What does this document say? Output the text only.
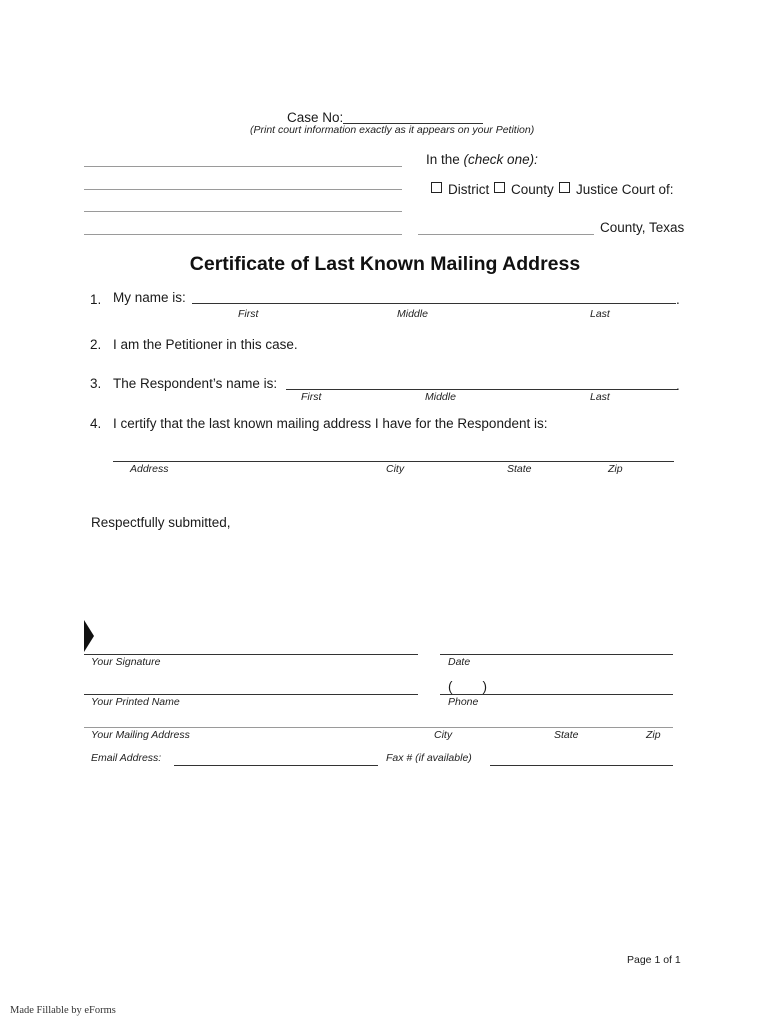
Case No:
(Print court information exactly as it appears on your Petition)
In the (check one):
District County Justice Court of:
County, Texas
Certificate of Last Known Mailing Address
1. My name is:	.
First	Middle	Last
2. I am the Petitioner in this case.
3. The Respondent’s name is:	.
First	Middle	Last
4. I certify that the last known mailing address I have for the Respondent is:
Address	City	State	Zip
Respectfully submitted,
Your Signature	Date
(        )
Your Printed Name	Phone
Your Mailing Address	City	State	Zip
Email Address:	Fax # (if available)
Page 1 of 1
Made Fillable by eForms
